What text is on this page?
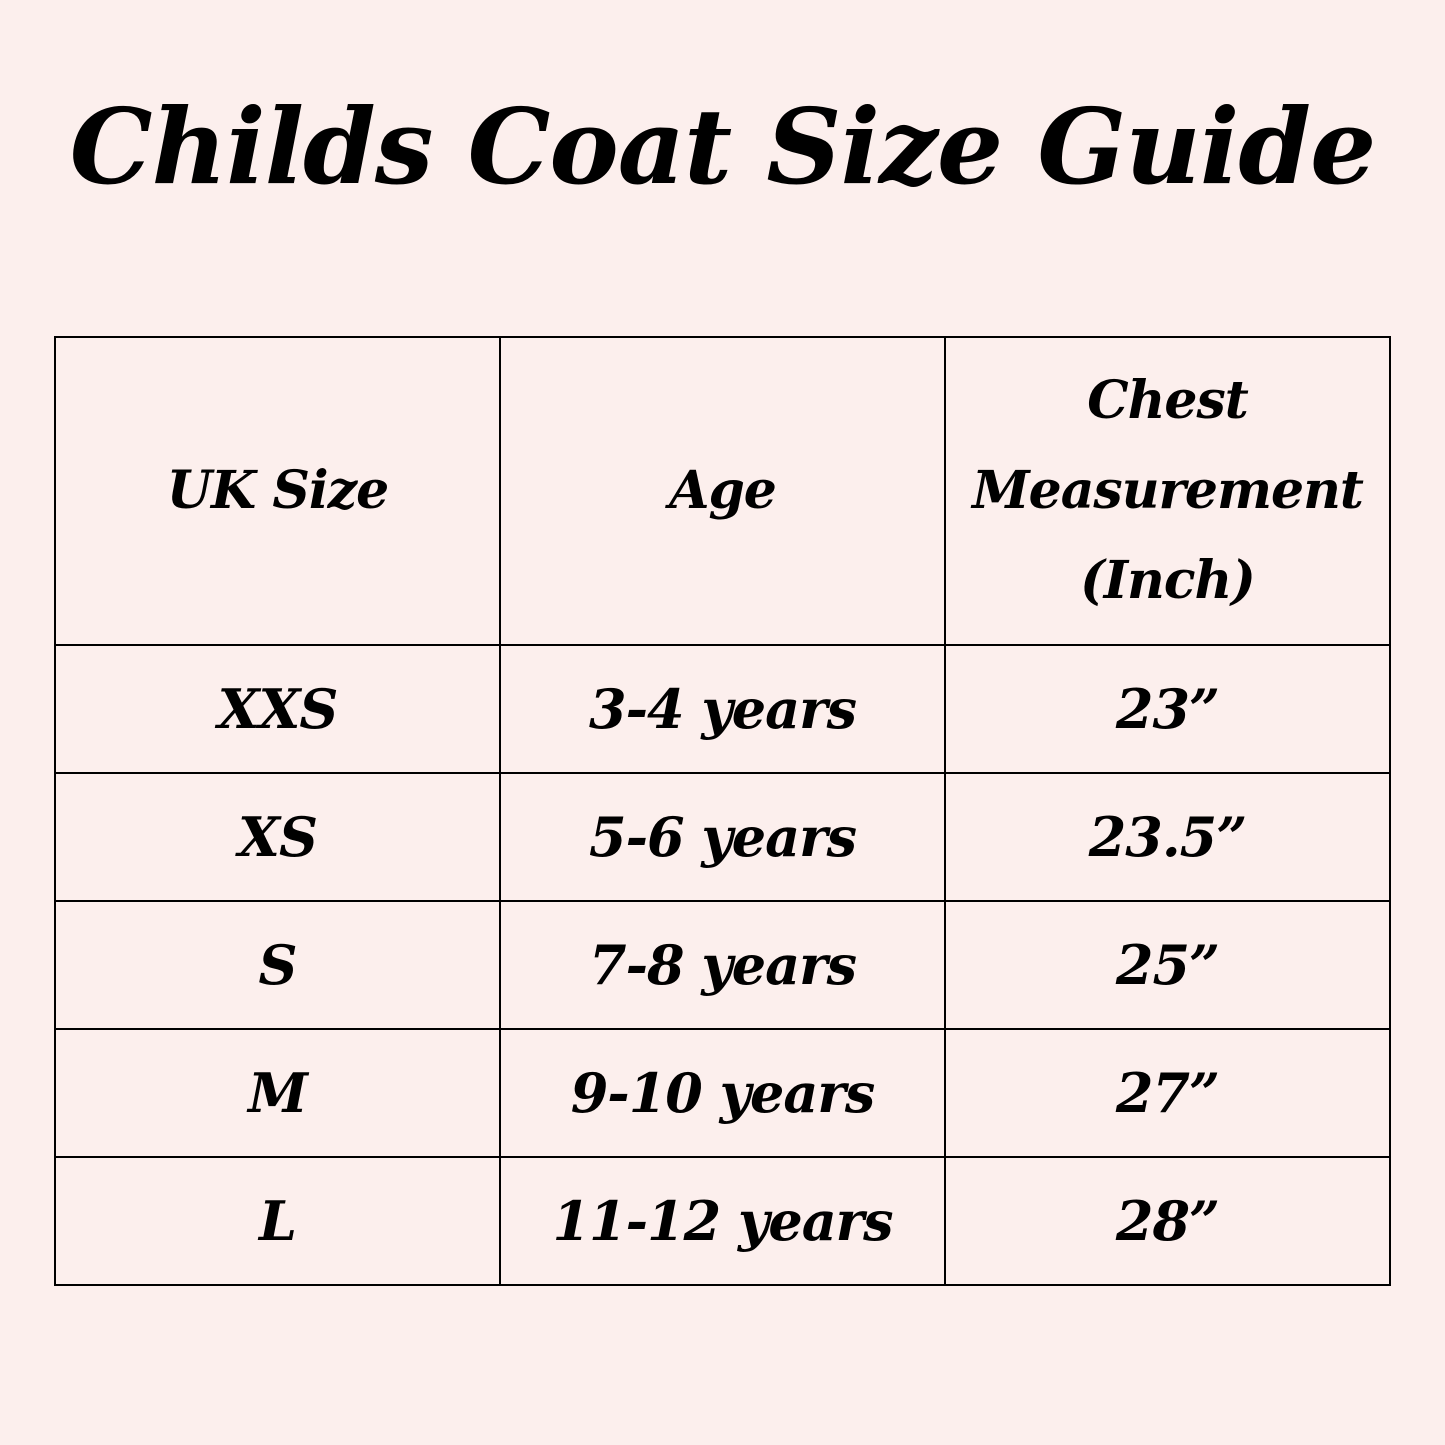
Childs Coat Size Guide
UK Size	Age	Chest
Measurement
(Inch)

XXS	3-4 years	23”
XS	5-6 years	23.5”
S	7-8 years	25”
M	9-10 years	27”
L	11-12 years	28”
